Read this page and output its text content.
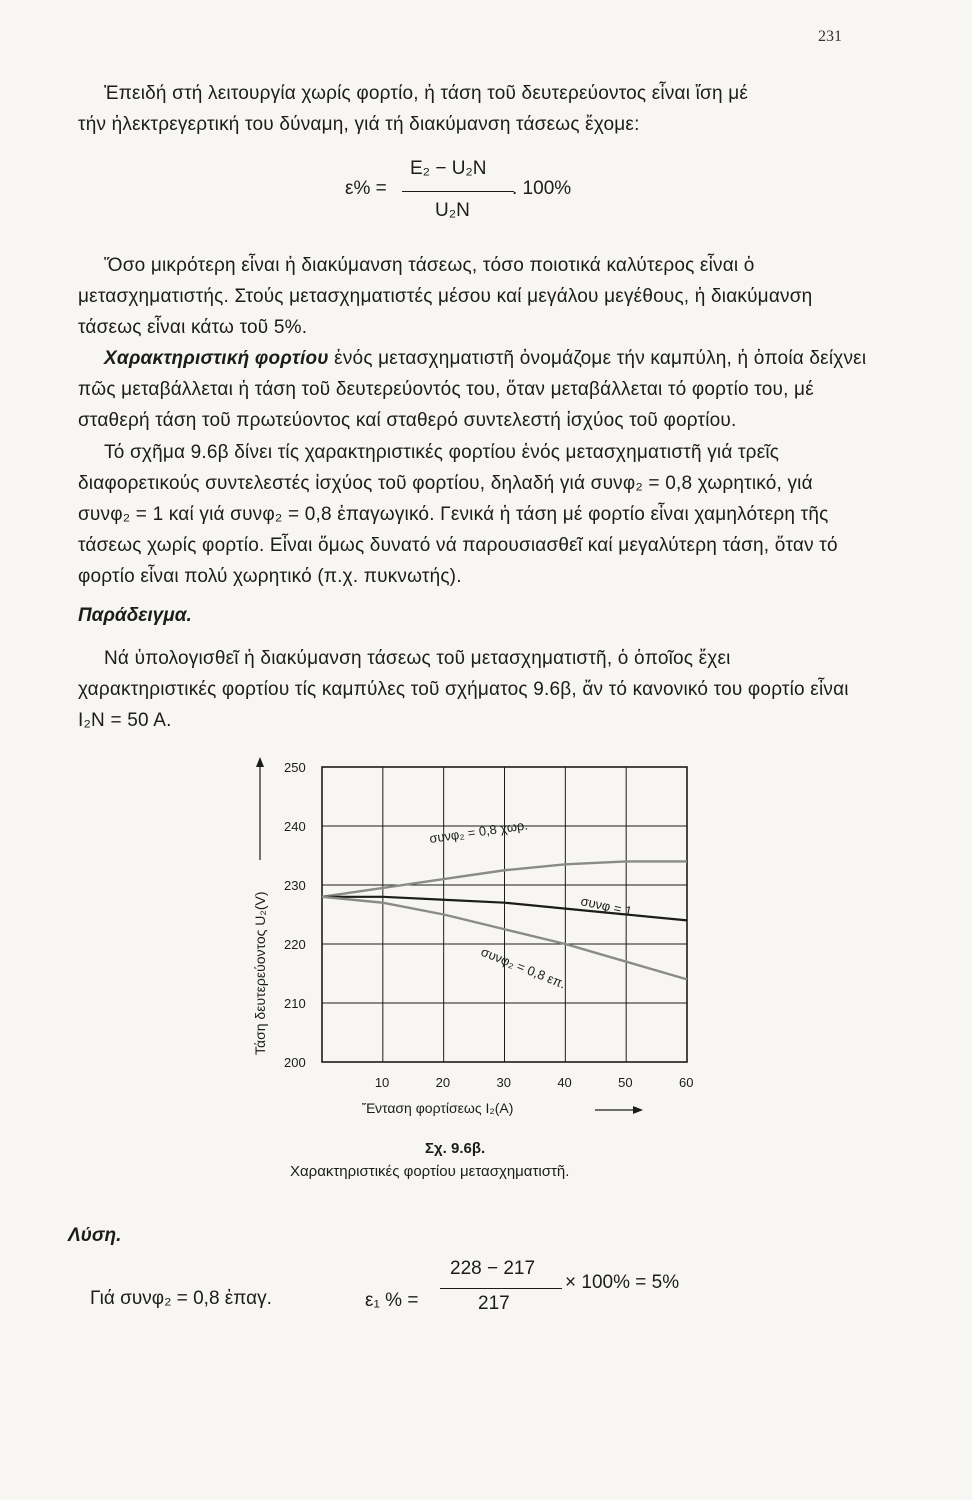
231

Ἐπειδή στή λειτουργία χωρίς φορτίο, ἡ τάση τοῦ δευτερεύοντος εἶναι ἴση μέ

τήν ἠλεκτρεγερτική του δύναμη, γιά τή διακύμανση τάσεως ἔχομε:

ε% =
E₂ − U₂N
U₂N
. 100%

Ὅσο μικρότερη εἶναι ἡ διακύμανση τάσεως, τόσο ποιοτικά καλύτερος εἶναι ὁ μετασχηματιστής. Στούς μετασχηματιστές μέσου καί μεγάλου μεγέθους, ἡ διακύμανση τάσεως εἶναι κάτω τοῦ 5%.

Χαρακτηριστική φορτίου ἑνός μετασχηματιστῆ ὀνομάζομε τήν καμπύλη, ἡ ὁποία δείχνει πῶς μεταβάλλεται ἡ τάση τοῦ δευτερεύοντός του, ὅταν μεταβάλλεται τό φορτίο του, μέ σταθερή τάση τοῦ πρωτεύοντος καί σταθερό συντελεστή ἰσχύος τοῦ φορτίου.

Τό σχῆμα 9.6β δίνει τίς χαρακτηριστικές φορτίου ἑνός μετασχηματιστῆ γιά τρεῖς διαφορετικούς συντελεστές ἰσχύος τοῦ φορτίου, δηλαδή γιά συνφ₂ = 0,8 χωρητικό, γιά συνφ₂ = 1 καί γιά συνφ₂ = 0,8 ἐπαγωγικό. Γενικά ἡ τάση μέ φορτίο εἶναι χαμηλότερη τῆς τάσεως χωρίς φορτίο. Εἶναι ὅμως δυνατό νά παρουσιασθεῖ καί μεγαλύτερη τάση, ὅταν τό φορτίο εἶναι πολύ χωρητικό (π.χ. πυκνωτής).

Παράδειγμα.

Νά ὑπολογισθεῖ ἡ διακύμανση τάσεως τοῦ μετασχηματιστῆ, ὁ ὁποῖος ἔχει χαρακτηριστικές φορτίου τίς καμπύλες τοῦ σχήματος 9.6β, ἄν τό κανονικό του φορτίο εἶναι I₂N = 50 A.

200
210
220
230
240
250
10	20	30	40	50	60
Τάση δευτερεύοντος U₂(V)
Ἔνταση φορτίσεως I₂(A)
συνφ₂ = 0,8 χωρ.
συνφ = 1
συνφ₂ = 0,8 επ.
Σχ. 9.6β.
Χαρακτηριστικές φορτίου μετασχηματιστῆ.
Λύση.
Γιά συνφ₂ = 0,8 ἐπαγ.	ε₁ % =
228 − 217
217
× 100% = 5%
